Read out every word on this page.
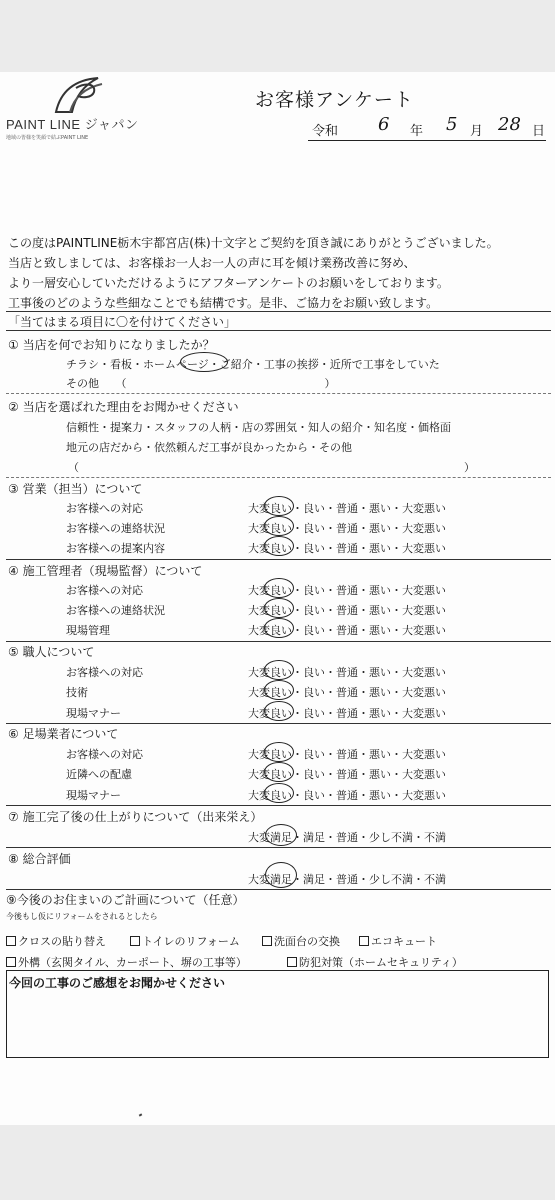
PAINT LINE ジャパン
地域の皆様を笑顔で結ぶPAINT LINE
お客様アンケート
令和 6 年 5 月 28 日
この度はPAINTLINE栃木宇都宮店(株)十文字とご契約を頂き誠にありがとうございました。
当店と致しましては、お客様お一人お一人の声に耳を傾け業務改善に努め、
より一層安心していただけるようにアフターアンケートのお願いをしております。
工事後のどのような些細なことでも結構です。是非、ご協力をお願い致します。
「当てはまる項目に〇を付けてください」
① 当店を何でお知りになりましたか？
チラシ・看板・ホームページ・ご紹介・工事の挨拶・近所で工事をしていた
その他　　（　　　　　　　　　　　　　　　　　　）
② 当店を選ばれた理由をお聞かせください
信頼性・提案力・スタッフの人柄・店の雰囲気・知人の紹介・知名度・価格面
地元の店だから・依然頼んだ工事が良かったから・その他
（　　　　　　　　　　　　　　　　　　　　　　　　　　　　　　　　　　　）
③ 営業（担当）について
お客様への対応	大変良い・良い・普通・悪い・大変悪い
お客様への連絡状況	大変良い・良い・普通・悪い・大変悪い
お客様への提案内容	大変良い・良い・普通・悪い・大変悪い
④ 施工管理者（現場監督）について
お客様への対応	大変良い・良い・普通・悪い・大変悪い
お客様への連絡状況	大変良い・良い・普通・悪い・大変悪い
現場管理	大変良い・良い・普通・悪い・大変悪い
⑤ 職人について
お客様への対応	大変良い・良い・普通・悪い・大変悪い
技術	大変良い・良い・普通・悪い・大変悪い
現場マナー	大変良い・良い・普通・悪い・大変悪い
⑥ 足場業者について
お客様への対応	大変良い・良い・普通・悪い・大変悪い
近隣への配慮	大変良い・良い・普通・悪い・大変悪い
現場マナー	大変良い・良い・普通・悪い・大変悪い
⑦ 施工完了後の仕上がりについて（出来栄え）
大変満足・満足・普通・少し不満・不満
⑧ 総合評価
大変満足・満足・普通・少し不満・不満
⑨今後のお住まいのご計画について（任意）
今後もし仮にリフォームをされるとしたら
クロスの貼り替え	トイレのリフォーム	洗面台の交換	エコキュート
外構（玄関タイル、カーポート、塀の工事等）	防犯対策（ホームセキュリティ）
今回の工事のご感想をお聞かせください
